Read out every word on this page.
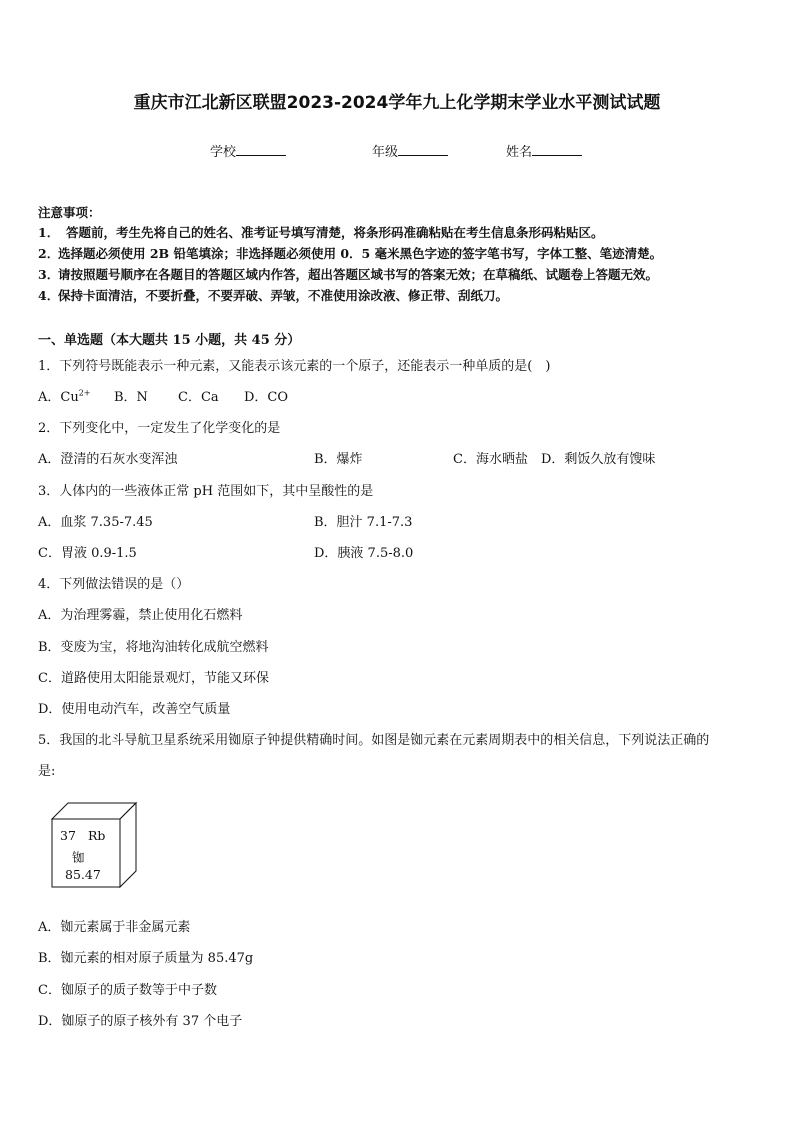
重庆市江北新区联盟2023-2024学年九上化学期末学业水平测试试题
学校	年级	姓名
注意事项：
1． 答题前，考生先将自己的姓名、准考证号填写清楚，将条形码准确粘贴在考生信息条形码粘贴区。
2．选择题必须使用 2B 铅笔填涂；非选择题必须使用 0．5 毫米黑色字迹的签字笔书写，字体工整、笔迹清楚。
3．请按照题号顺序在各题目的答题区域内作答，超出答题区域书写的答案无效；在草稿纸、试题卷上答题无效。
4．保持卡面清洁，不要折叠，不要弄破、弄皱，不准使用涂改液、修正带、刮纸刀。
一、单选题（本大题共 15 小题，共 45 分）
1．下列符号既能表示一种元素，又能表示该元素的一个原子，还能表示一种单质的是(　)
A．$Cu^{2+}$ B．N C．Ca D．CO
2．下列变化中，一定发生了化学变化的是
A．澄清的石灰水变浑浊	B．爆炸	C．海水晒盐 D．剩饭久放有馊味
3．人体内的一些液体正常 pH 范围如下，其中呈酸性的是
A．血浆 7.35-7.45	B．胆汁 7.1-7.3
C．胃液 0.9-1.5	D．胰液 7.5-8.0
4．下列做法错误的是（）
A．为治理雾霾，禁止使用化石燃料
B．变废为宝，将地沟油转化成航空燃料
C．道路使用太阳能景观灯，节能又环保
D．使用电动汽车，改善空气质量
5．我国的北斗导航卫星系统采用铷原子钟提供精确时间。如图是铷元素在元素周期表中的相关信息，下列说法正确的
是:
37 Rb
铷
85.47
A．铷元素属于非金属元素
B．铷元素的相对原子质量为 85.47g
C．铷原子的质子数等于中子数
D．铷原子的原子核外有 37 个电子
